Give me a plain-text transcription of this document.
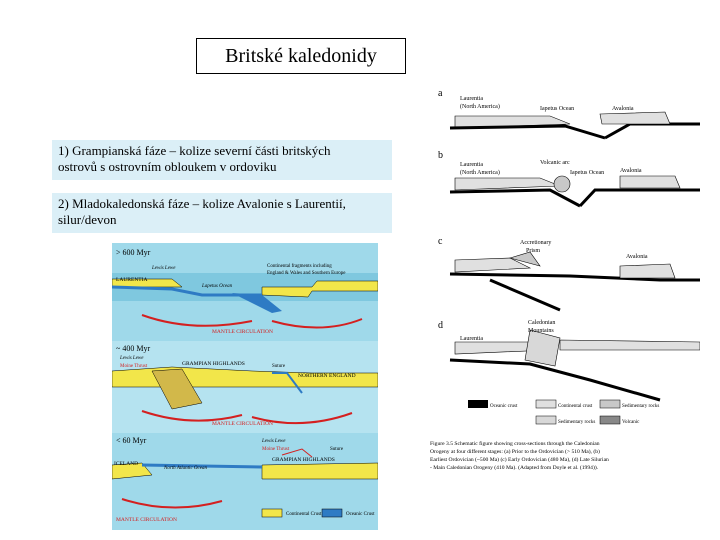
Britské kaledonidy
1) Grampianská fáze – kolize severní části britských
ostrovů s ostrovním obloukem v ordoviku
2) Mladokaledonská fáze – kolize Avalonie s Laurentií,
silur/devon
> 600 Myr
Lewis Lewe
LAURENTIA
Lapetus Ocean
Continental fragments including
England & Wales and Southern Europe
MANTLE CIRCULATION
~ 400 Myr
Lewis Lewe
Moine Thrust	GRAMPIAN HIGHLANDS	Suture
NORTHERN ENGLAND
MANTLE CIRCULATION
< 60 Myr	Lewis Lewe
Moine Thrust	Suture
GRAMPIAN HIGHLANDS
ICELAND
North Atlantic Ocean
MANTLE CIRCULATION
Continental Crust	Oceanic Crust
a	Laurentia
(North America)	Iapetus Ocean	Avalonia
b
Laurentia
(North America)
Volcanic arc
Iapetus Ocean	Avalonia
c	Accretionary
Prism
Avalonia
d
Laurentia
Caledonian
Mountains
Oceanic crust	Continental crust	Sedimentary rocks
Sedimentary rocks	Volcanic
Figure 3.5 Schematic figure showing cross-sections through the Caledonian
Orogeny at four different stages: (a) Prior to the Ordovician (> 510 Ma), (b)
Earliest Ordovician (~500 Ma) (c) Early Ordovician (480 Ma), (d) Late Silurian
- Main Caledonian Orogeny (410 Ma). (Adapted from Doyle et al. (1994)).
